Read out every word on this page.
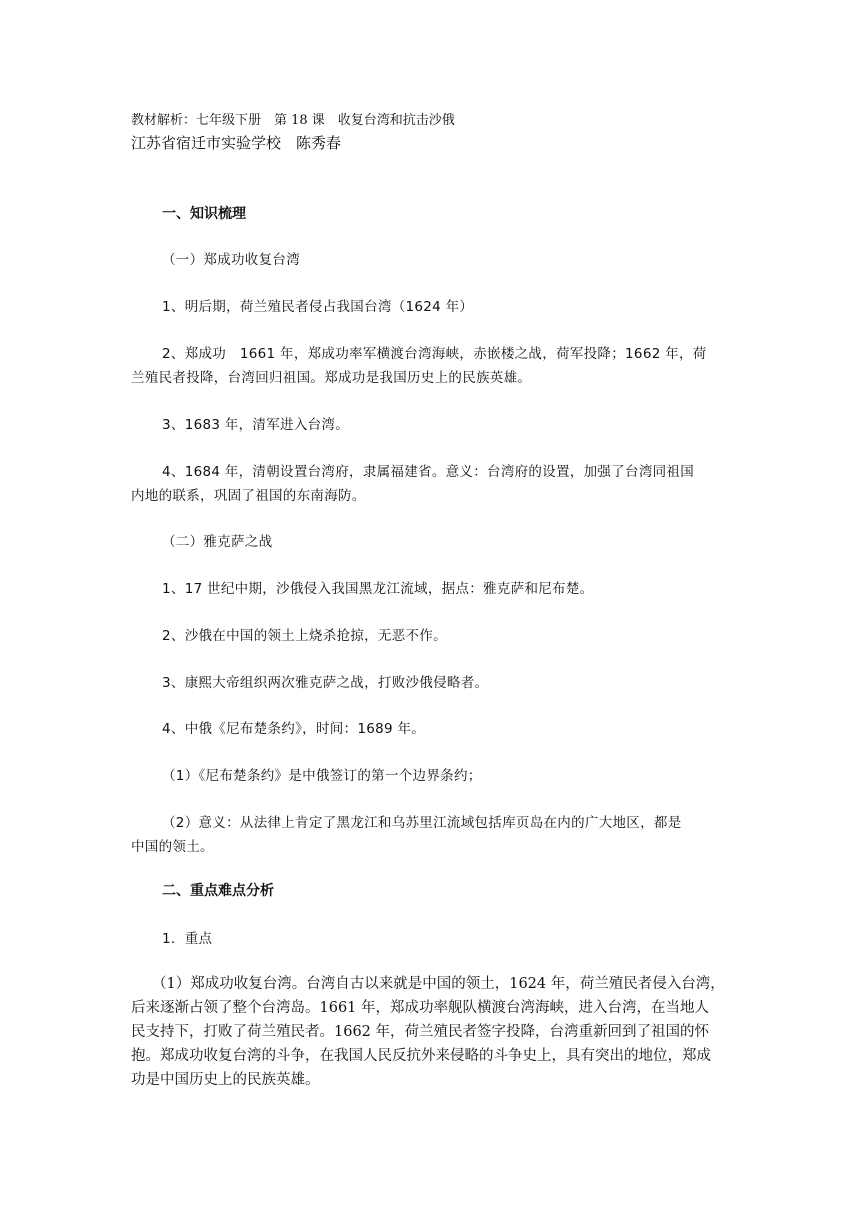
教材解析：七年级下册　第 18 课　收复台湾和抗击沙俄
江苏省宿迁市实验学校　陈秀春
一、知识梳理
（一）郑成功收复台湾
1、明后期，荷兰殖民者侵占我国台湾（1624 年）
2、郑成功　1661 年，郑成功率军横渡台湾海峡，赤嵌楼之战，荷军投降；1662 年，荷
兰殖民者投降，台湾回归祖国。郑成功是我国历史上的民族英雄。
3、1683 年，清军进入台湾。
4、1684 年，清朝设置台湾府，隶属福建省。意义：台湾府的设置，加强了台湾同祖国
内地的联系，巩固了祖国的东南海防。
（二）雅克萨之战
1、17 世纪中期，沙俄侵入我国黑龙江流域，据点：雅克萨和尼布楚。
2、沙俄在中国的领土上烧杀抢掠，无恶不作。
3、康熙大帝组织两次雅克萨之战，打败沙俄侵略者。
4、中俄《尼布楚条约》，时间：1689 年。
（1）《尼布楚条约》是中俄签订的第一个边界条约；
（2）意义：从法律上肯定了黑龙江和乌苏里江流域包括库页岛在内的广大地区，都是
中国的领土。
二、重点难点分析
1．重点
（1）郑成功收复台湾。台湾自古以来就是中国的领土，1624 年，荷兰殖民者侵入台湾，
后来逐渐占领了整个台湾岛。1661 年，郑成功率舰队横渡台湾海峡，进入台湾，在当地人
民支持下，打败了荷兰殖民者。1662 年，荷兰殖民者签字投降，台湾重新回到了祖国的怀
抱。郑成功收复台湾的斗争，在我国人民反抗外来侵略的斗争史上，具有突出的地位，郑成
功是中国历史上的民族英雄。
